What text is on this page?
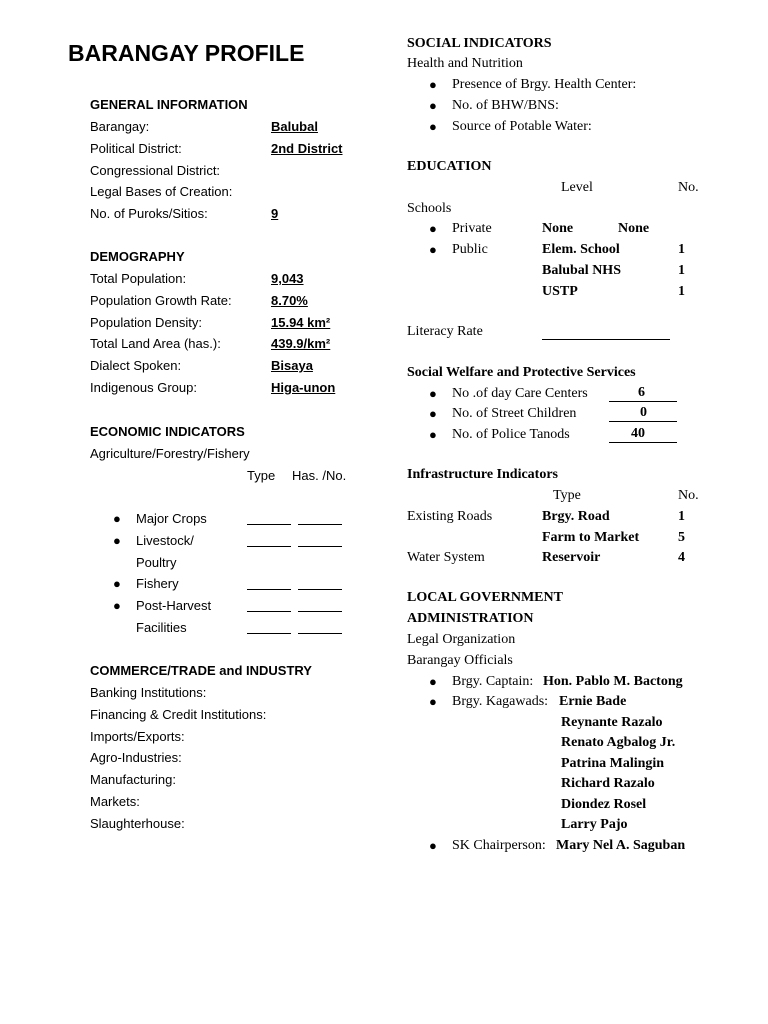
BARANGAY PROFILE
GENERAL INFORMATION
Barangay:	Balubal
Political District:	2nd District
Congressional District:
Legal Bases of Creation:
No. of Puroks/Sitios:	9
DEMOGRAPHY
Total Population:	9,043
Population Growth Rate:	8.70%
Population Density:	15.94 km²
Total Land Area (has.):	439.9/km²
Dialect Spoken:	Bisaya
Indigenous Group:	Higa-unon
ECONOMIC INDICATORS
Agriculture/Forestry/Fishery
Type Has. /No.
● Major Crops
● Livestock/
Poultry
● Fishery
● Post-Harvest
Facilities
COMMERCE/TRADE and INDUSTRY
Banking Institutions:
Financing & Credit Institutions:
Imports/Exports:
Agro-Industries:
Manufacturing:
Markets:
Slaughterhouse:
SOCIAL INDICATORS
Health and Nutrition
● Presence of Brgy. Health Center:
● No. of BHW/BNS:
● Source of Potable Water:
EDUCATION
Level	No.
Schools
● Private	None	None
● Public	Elem. School	1
Balubal NHS	1
USTP	1
Literacy Rate
Social Welfare and Protective Services
● No .of day Care Centers	6
● No. of Street Children	0
● No. of Police Tanods	40
Infrastructure Indicators
Type	No.
Existing Roads	Brgy. Road	1
Farm to Market	5
Water System	Reservoir	4
LOCAL GOVERNMENT
ADMINISTRATION
Legal Organization
Barangay Officials
● Brgy. Captain: Hon. Pablo M. Bactong
● Brgy. Kagawads: Ernie Bade
Reynante Razalo
Renato Agbalog Jr.
Patrina Malingin
Richard Razalo
Diondez Rosel
Larry Pajo
● SK Chairperson: Mary Nel A. Saguban
